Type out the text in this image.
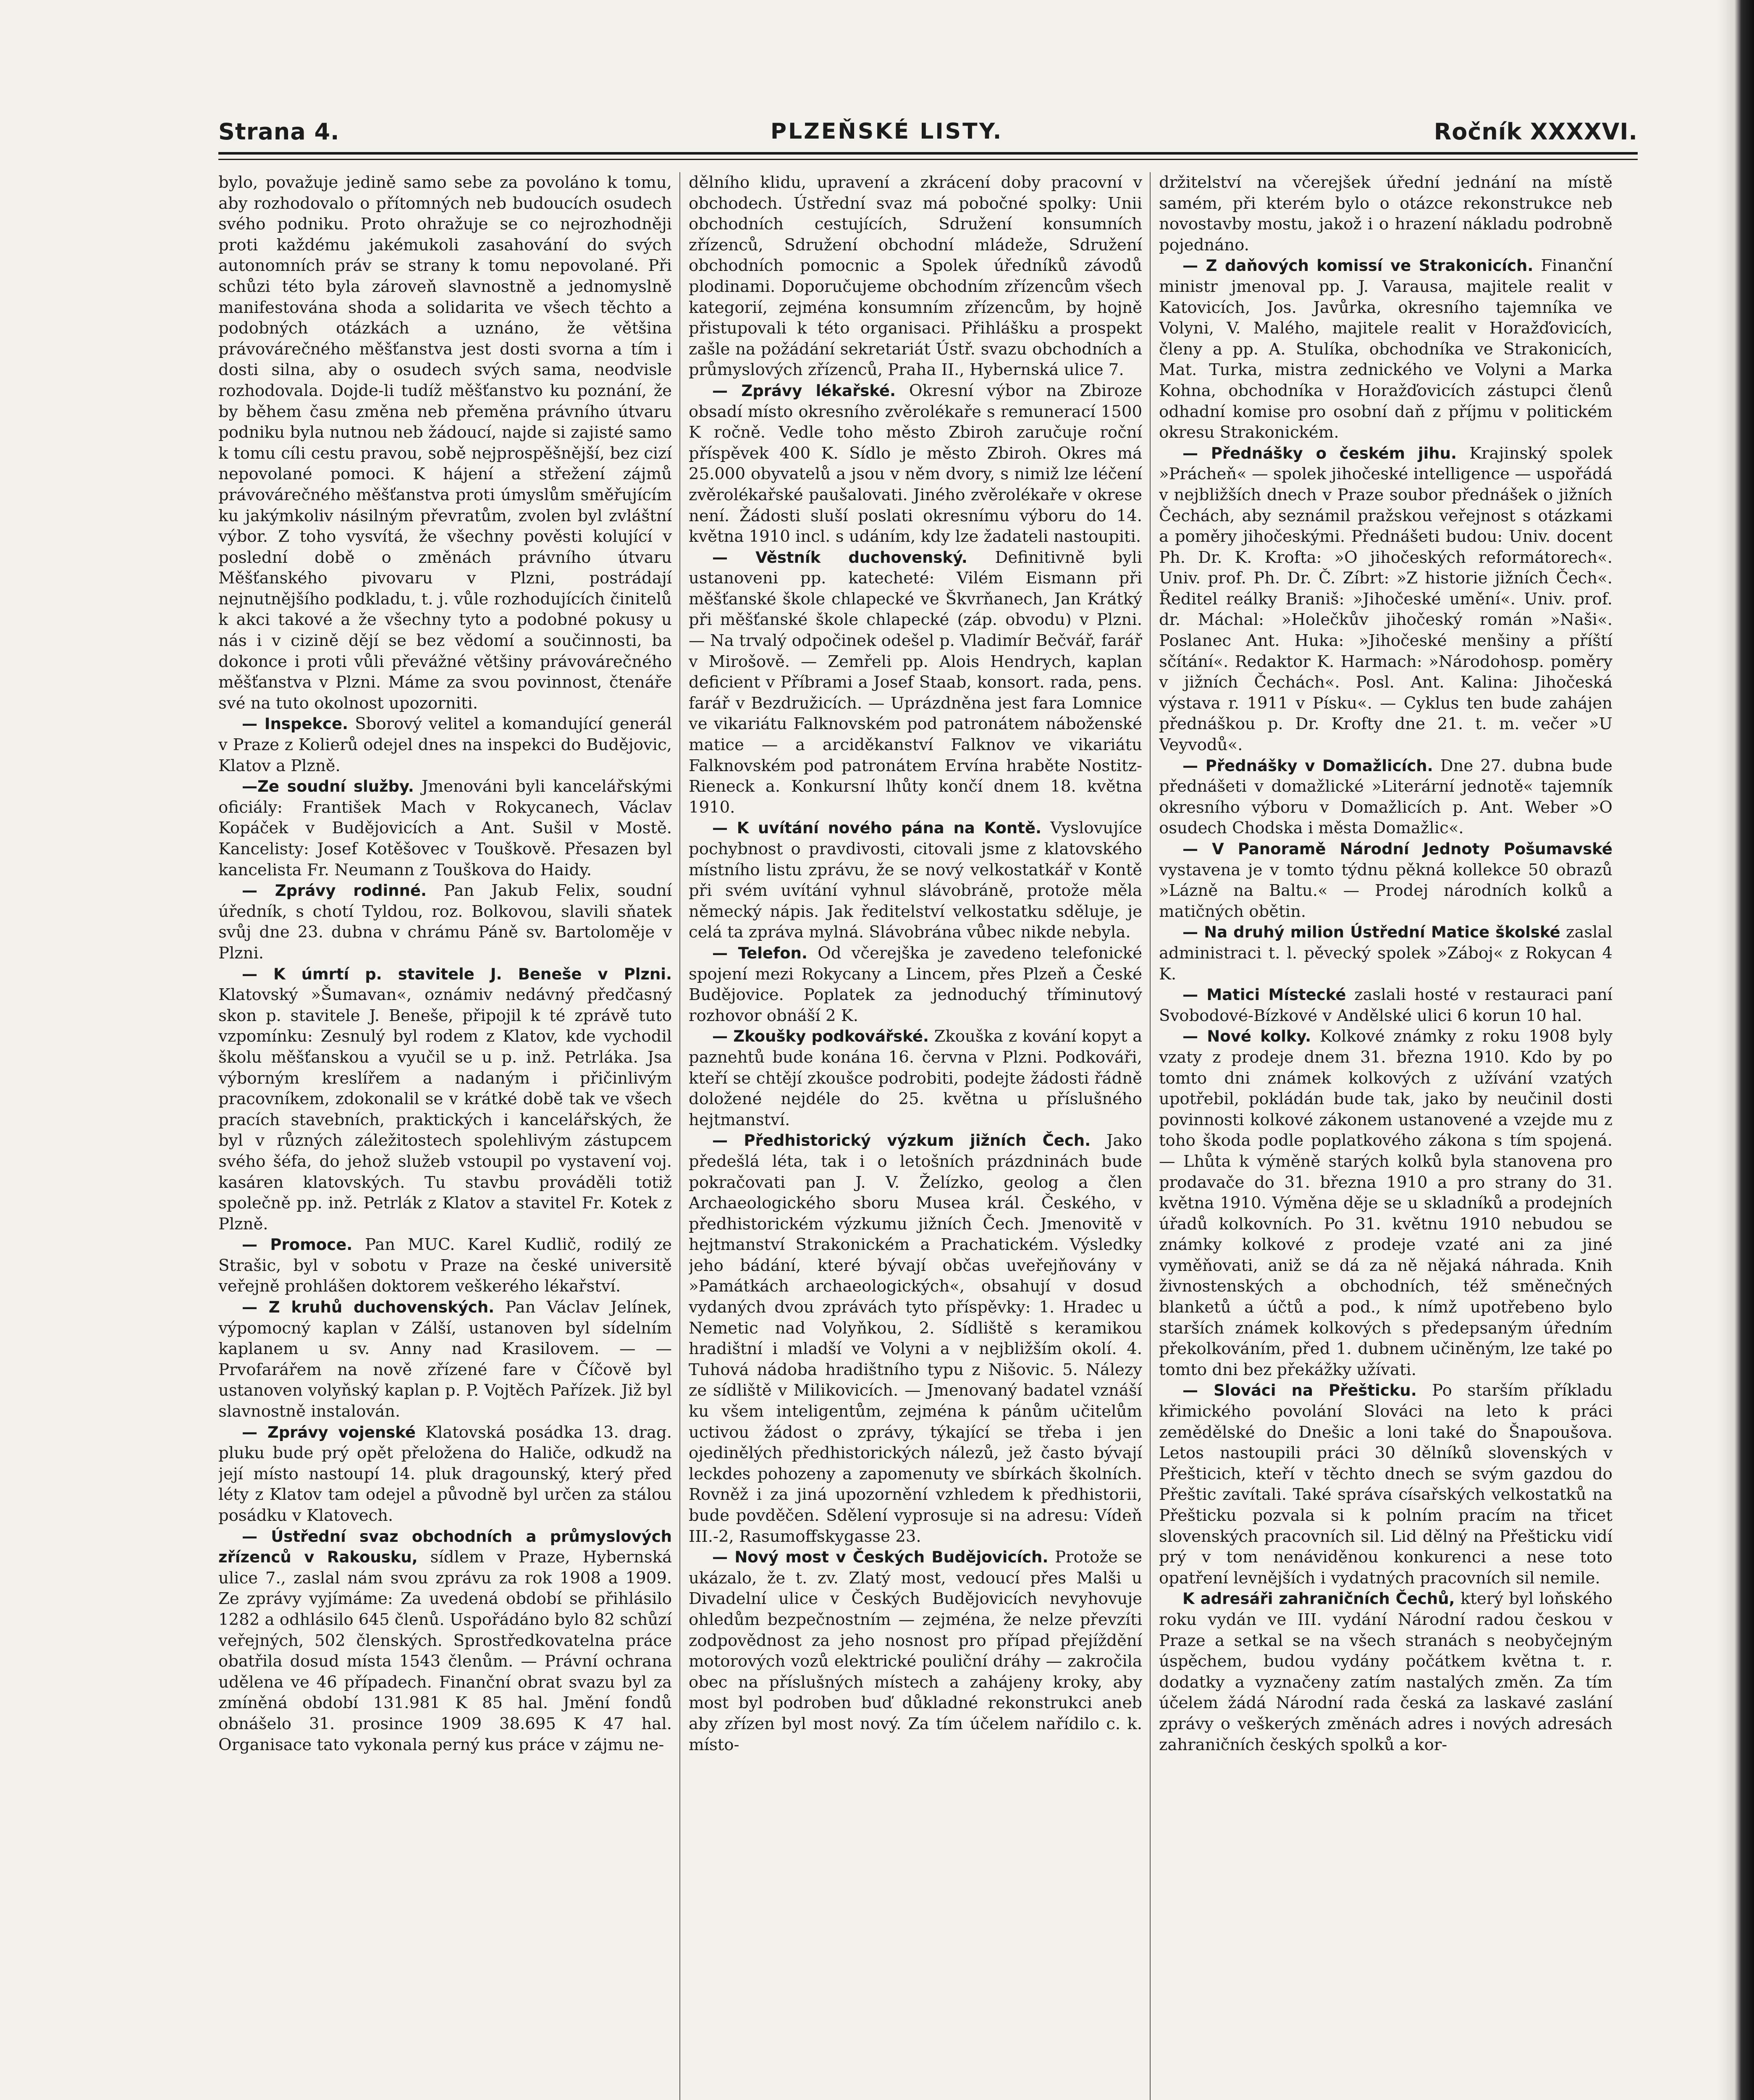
Strana 4.	PLZEŇSKÉ LISTY.	Ročník XXXXVI.

bylo, považuje jedině samo sebe za povoláno k tomu, aby rozhodovalo o přítomných neb budoucích osudech svého podniku. Proto ohražuje se co nejrozhodněji proti každému jakémukoli zasahování do svých autonomních práv se strany k tomu nepovolané. Při schůzi této byla zároveň slavnostně a jednomyslně manifestována shoda a solidarita ve všech těchto a podobných otázkách a uznáno, že většina právovárečného měšťanstva jest dosti svorna a tím i dosti silna, aby o osudech svých sama, neodvisle rozhodovala. Dojde-li tudíž měšťanstvo ku poznání, že by během času změna neb přeměna právního útvaru podniku byla nutnou neb žádoucí, najde si zajisté samo k tomu cíli cestu pravou, sobě nejprospěšnější, bez cizí nepovolané pomoci. K hájení a střežení zájmů právovárečného měšťanstva proti úmyslům směřujícím ku jakýmkoliv násilným převratům, zvolen byl zvláštní výbor. Z toho vysvítá, že všechny pověsti kolující v poslední době o změnách právního útvaru Měšťanského pivovaru v Plzni, postrádají nejnutnějšího podkladu, t. j. vůle rozhodujících činitelů k akci takové a že všechny tyto a podobné pokusy u nás i v cizině dějí se bez vědomí a součinnosti, ba dokonce i proti vůli převážné většiny právovárečného měšťanstva v Plzni. Máme za svou povinnost, čtenáře své na tuto okolnost upozorniti.

— Inspekce. Sborový velitel a komandující generál v Praze z Kolierů odejel dnes na inspekci do Budějovic, Klatov a Plzně.

—Ze soudní služby. Jmenováni byli kancelářskými oficiály: František Mach v Rokycanech, Václav Kopáček v Budějovicích a Ant. Sušil v Mostě. Kancelisty: Josef Kotěšovec v Touškově. Přesazen byl kancelista Fr. Neumann z Touškova do Haidy.

— Zprávy rodinné. Pan Jakub Felix, soudní úředník, s chotí Tyldou, roz. Bolkovou, slavili sňatek svůj dne 23. dubna v chrámu Páně sv. Bartoloměje v Plzni.

— K úmrtí p. stavitele J. Beneše v Plzni. Klatovský »Šumavan«, oznámiv nedávný předčasný skon p. stavitele J. Beneše, připojil k té zprávě tuto vzpomínku: Zesnulý byl rodem z Klatov, kde vychodil školu měšťanskou a vyučil se u p. inž. Petrláka. Jsa výborným kreslířem a nadaným i přičinlivým pracovníkem, zdokonalil se v krátké době tak ve všech pracích stavebních, praktických i kancelářských, že byl v různých záležitostech spolehlivým zástupcem svého šéfa, do jehož služeb vstoupil po vystavení voj. kasáren klatovských. Tu stavbu prováděli totiž společně pp. inž. Petrlák z Klatov a stavitel Fr. Kotek z Plzně.

— Promoce. Pan MUC. Karel Kudlič, rodilý ze Strašic, byl v sobotu v Praze na české universitě veřejně prohlášen doktorem veškerého lékařství.

— Z kruhů duchovenských. Pan Václav Jelínek, výpomocný kaplan v Zálší, ustanoven byl sídelním kaplanem u sv. Anny nad Krasilovem. — — Prvofarářem na nově zřízené fare v Číčově byl ustanoven volyňský kaplan p. P. Vojtěch Pařízek. Již byl slavnostně instalován.

— Zprávy vojenské Klatovská posádka 13. drag. pluku bude prý opět přeložena do Haliče, odkudž na její místo nastoupí 14. pluk dragounský, který před léty z Klatov tam odejel a původně byl určen za stálou posádku v Klatovech.

— Ústřední svaz obchodních a průmyslových zřízenců v Rakousku, sídlem v Praze, Hybernská ulice 7., zaslal nám svou zprávu za rok 1908 a 1909. Ze zprávy vyjímáme: Za uvedená období se přihlásilo 1282 a odhlásilo 645 členů. Uspořádáno bylo 82 schůzí veřejných, 502 členských. Sprostředkovatelna práce obatřila dosud místa 1543 členům. — Právní ochrana udělena ve 46 případech. Finanční obrat svazu byl za zmíněná období 131.981 K 85 hal. Jmění fondů obnášelo 31. prosince 1909 38.695 K 47 hal. Organisace tato vykonala perný kus práce v zájmu ne-

dělního klidu, upravení a zkrácení doby pracovní v obchodech. Ústřední svaz má pobočné spolky: Unii obchodních cestujících, Sdružení konsumních zřízenců, Sdružení obchodní mládeže, Sdružení obchodních pomocnic a Spolek úředníků závodů plodinami. Doporučujeme obchodním zřízencům všech kategorií, zejména konsumním zřízencům, by hojně přistupovali k této organisaci. Přihlášku a prospekt zašle na požádání sekretariát Ústř. svazu obchodních a průmyslových zřízenců, Praha II., Hybernská ulice 7.

— Zprávy lékařské. Okresní výbor na Zbiroze obsadí místo okresního zvěrolékaře s remunerací 1500 K ročně. Vedle toho město Zbiroh zaručuje roční příspěvek 400 K. Sídlo je město Zbiroh. Okres má 25.000 obyvatelů a jsou v něm dvory, s nimiž lze léčení zvěrolékařské paušalovati. Jiného zvěrolékaře v okrese není. Žádosti sluší poslati okresnímu výboru do 14. května 1910 incl. s udáním, kdy lze žadateli nastoupiti.

— Věstník duchovenský. Definitivně byli ustanoveni pp. katecheté: Vilém Eismann při měšťanské škole chlapecké ve Škvrňanech, Jan Krátký při měšťanské škole chlapecké (záp. obvodu) v Plzni. — Na trvalý odpočinek odešel p. Vladimír Bečvář, farář v Mirošově. — Zemřeli pp. Alois Hendrych, kaplan deficient v Příbrami a Josef Staab, konsort. rada, pens. farář v Bezdružicích. — Uprázdněna jest fara Lomnice ve vikariátu Falknovském pod patronátem náboženské matice — a arciděkanství Falknov ve vikariátu Falknovském pod patronátem Ervína hraběte Nostitz-Rieneck a. Konkursní lhůty končí dnem 18. května 1910.

— K uvítání nového pána na Kontě. Vyslovujíce pochybnost o pravdivosti, citovali jsme z klatovského místního listu zprávu, že se nový velkostatkář v Kontě při svém uvítání vyhnul slávobráně, protože měla německý nápis. Jak ředitelství velkostatku sděluje, je celá ta zpráva mylná. Slávobrána vůbec nikde nebyla.

— Telefon. Od včerejška je zavedeno telefonické spojení mezi Rokycany a Lincem, přes Plzeň a České Budějovice. Poplatek za jednoduchý tříminutový rozhovor obnáší 2 K.

— Zkoušky podkovářské. Zkouška z kování kopyt a paznehtů bude konána 16. června v Plzni. Podkováři, kteří se chtějí zkoušce podrobiti, podejte žádosti řádně doložené nejdéle do 25. května u příslušného hejtmanství.

— Předhistorický výzkum jižních Čech. Jako předešlá léta, tak i o letošních prázdninách bude pokračovati pan J. V. Želízko, geolog a člen Archaeologického sboru Musea král. Českého, v předhistorickém výzkumu jižních Čech. Jmenovitě v hejtmanství Strakonickém a Prachatickém. Výsledky jeho bádání, které bývají občas uveřejňovány v »Památkách archaeologických«, obsahují v dosud vydaných dvou zprávách tyto příspěvky: 1. Hradec u Nemetic nad Volyňkou, 2. Sídliště s keramikou hradištní i mladší ve Volyni a v nejbližším okolí. 4. Tuhová nádoba hradištního typu z Nišovic. 5. Nálezy ze sídliště v Milikovicích. — Jmenovaný badatel vznáší ku všem inteligentům, zejména k pánům učitelům uctivou žádost o zprávy, týkající se třeba i jen ojedinělých předhistorických nálezů, jež často bývají leckdes pohozeny a zapomenuty ve sbírkách školních. Rovněž i za jiná upozornění vzhledem k předhistorii, bude povděčen. Sdělení vyprosuje si na adresu: Vídeň III.-2, Rasumoffskygasse 23.

— Nový most v Českých Budějovicích. Protože se ukázalo, že t. zv. Zlatý most, vedoucí přes Malši u Divadelní ulice v Českých Budějovicích nevyhovuje ohledům bezpečnostním — zejména, že nelze převzíti zodpovědnost za jeho nosnost pro případ přejíždění motorových vozů elektrické pouliční dráhy — zakročila obec na příslušných místech a zahájeny kroky, aby most byl podroben buď důkladné rekonstrukci aneb aby zřízen byl most nový. Za tím účelem nařídilo c. k. místo-

držitelství na včerejšek úřední jednání na místě samém, při kterém bylo o otázce rekonstrukce neb novostavby mostu, jakož i o hrazení nákladu podrobně pojednáno.

— Z daňových komissí ve Strakonicích. Finanční ministr jmenoval pp. J. Varausa, majitele realit v Katovicích, Jos. Javůrka, okresního tajemníka ve Volyni, V. Malého, majitele realit v Horažďovicích, členy a pp. A. Stulíka, obchodníka ve Strakonicích, Mat. Turka, mistra zednického ve Volyni a Marka Kohna, obchodníka v Horažďovicích zástupci členů odhadní komise pro osobní daň z příjmu v politickém okresu Strakonickém.

— Přednášky o českém jihu. Krajinský spolek »Prácheň« — spolek jihočeské intelligence — uspořádá v nejbližších dnech v Praze soubor přednášek o jižních Čechách, aby seznámil pražskou veřejnost s otázkami a poměry jihočeskými. Přednášeti budou: Univ. docent Ph. Dr. K. Krofta: »O jihočeských reformátorech«. Univ. prof. Ph. Dr. Č. Zíbrt: »Z historie jižních Čech«. Ředitel reálky Braniš: »Jihočeské umění«. Univ. prof. dr. Máchal: »Holečkův jihočeský román »Naši«. Poslanec Ant. Huka: »Jihočeské menšiny a příští sčítání«. Redaktor K. Harmach: »Národohosp. poměry v jižních Čechách«. Posl. Ant. Kalina: Jihočeská výstava r. 1911 v Písku«. — Cyklus ten bude zahájen přednáškou p. Dr. Krofty dne 21. t. m. večer »U Veyvodů«.

— Přednášky v Domažlicích. Dne 27. dubna bude přednášeti v domažlické »Literární jednotě« tajemník okresního výboru v Domažlicích p. Ant. Weber »O osudech Chodska i města Domažlic«.

— V Panoramě Národní Jednoty Pošumavské vystavena je v tomto týdnu pěkná kollekce 50 obrazů »Lázně na Baltu.« — Prodej národních kolků a matičných obětin.

— Na druhý milion Ústřední Matice školské zaslal administraci t. l. pěvecký spolek »Záboj« z Rokycan 4 K.

— Matici Místecké zaslali hosté v restauraci paní Svobodové-Bízkové v Andělské ulici 6 korun 10 hal.

— Nové kolky. Kolkové známky z roku 1908 byly vzaty z prodeje dnem 31. března 1910. Kdo by po tomto dni známek kolkových z užívání vzatých upotřebil, pokládán bude tak, jako by neučinil dosti povinnosti kolkové zákonem ustanovené a vzejde mu z toho škoda podle poplatkového zákona s tím spojená. — Lhůta k výměně starých kolků byla stanovena pro prodavače do 31. března 1910 a pro strany do 31. května 1910. Výměna děje se u skladníků a prodejních úřadů kolkovních. Po 31. květnu 1910 nebudou se známky kolkové z prodeje vzaté ani za jiné vyměňovati, aniž se dá za ně nějaká náhrada. Knih živnostenských a obchodních, též směnečných blanketů a účtů a pod., k nímž upotřebeno bylo starších známek kolkových s předepsaným úředním překolkováním, před 1. dubnem učiněným, lze také po tomto dni bez překážky užívati.

— Slováci na Přešticku. Po starším příkladu křimického povolání Slováci na leto k práci zemědělské do Dnešic a loni také do Šnapoušova. Letos nastoupili práci 30 dělníků slovenských v Přešticich, kteří v těchto dnech se svým gazdou do Přeštic zavítali. Také správa císařských velkostatků na Přešticku pozvala si k polním pracím na třicet slovenských pracovních sil. Lid dělný na Přešticku vidí prý v tom nenáviděnou konkurenci a nese toto opatření levnějších i vydatných pracovních sil nemile.

K adresáři zahraničních Čechů, který byl loňského roku vydán ve III. vydání Národní radou českou v Praze a setkal se na všech stranách s neobyčejným úspěchem, budou vydány počátkem května t. r. dodatky a vyznačeny zatím nastalých změn. Za tím účelem žádá Národní rada česká za laskavé zaslání zprávy o veškerých změnách adres i nových adresách zahraničních českých spolků a kor-
